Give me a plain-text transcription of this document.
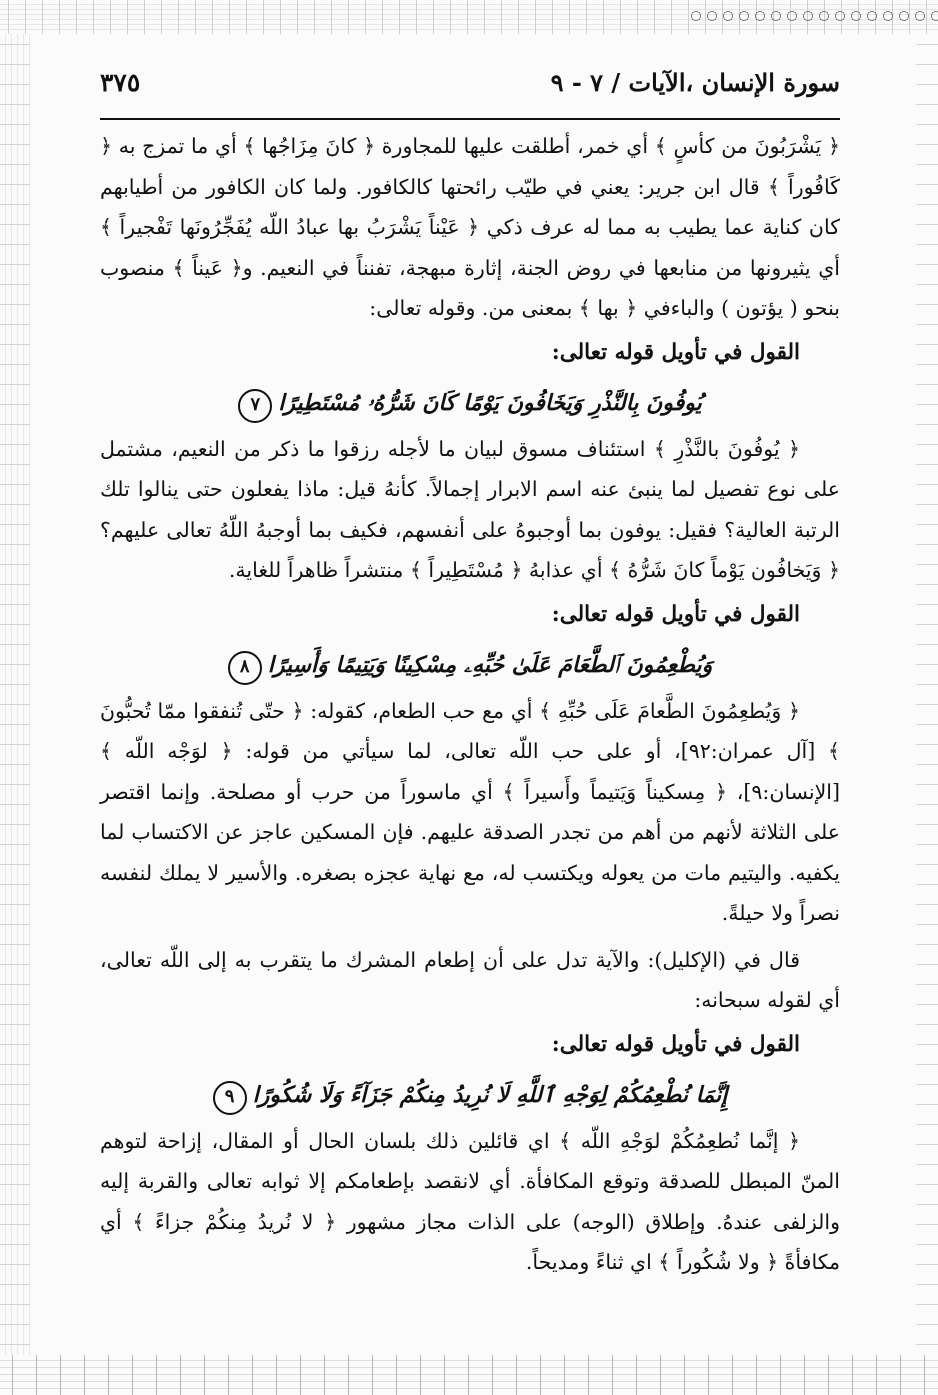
سورة الإنسان ،الآيات / ٧ - ٩
٣٧٥

﴿ يَشْرَبُونَ من كأسٍ ﴾ أي خمر، أطلقت عليها للمجاورة ﴿ كانَ مِزَاجُها ﴾ أي ما تمزج به ﴿ كَافُوراً ﴾ قال ابن جرير: يعني في طيّب رائحتها كالكافور. ولما كان الكافور من أطيابهم كان كناية عما يطيب به مما له عرف ذكي ﴿ عَيْناً يَشْرَبُ بها عبادُ اللّه يُفَجِّرُونَها تَفْجيراً ﴾ أي يثيرونها من منابعها في روض الجنة، إثارة مبهجة، تفنناً في النعيم. و﴿ عَيناً ﴾ منصوب بنحو ( يؤتون ) والباءفي ﴿ بها ﴾ بمعنى من. وقوله تعالى:

القول في تأويل قوله تعالى:

يُوفُونَ بِالنَّذْرِ وَيَخَافُونَ يَوْمًا كَانَ شَرُّهُۥ مُسْتَطِيرًا٧

﴿ يُوفُونَ بالنَّذْرِ ﴾ استئناف مسوق لبيان ما لأجله رزقوا ما ذكر من النعيم، مشتمل على نوع تفصيل لما ينبئ عنه اسم الابرار إجمالاً. كأنهُ قيل: ماذا يفعلون حتى ينالوا تلك الرتبة العالية؟ فقيل: يوفون بما أوجبوهُ على أنفسهم، فكيف بما أوجبهُ اللّهُ تعالى عليهم؟ ﴿ وَيَخافُون يَوْماً كانَ شَرُّهُ ﴾ أي عذابهُ ﴿ مُسْتَطِيراً ﴾ منتشراً ظاهراً للغاية.

القول في تأويل قوله تعالى:

وَيُطْعِمُونَ ٱلطَّعَامَ عَلَىٰ حُبِّهِۦ مِسْكِينًا وَيَتِيمًا وَأَسِيرًا٨

﴿ وَيُطعِمُونَ الطَّعامَ عَلَى حُبِّهِ ﴾ أي مع حب الطعام، كقوله: ﴿ حتّى تُنفقوا ممّا تُحبُّونَ ﴾ [آل عمران:٩٢]، أو على حب اللّه تعالى، لما سيأتي من قوله: ﴿ لوَجْه اللّه ﴾ [الإنسان:٩]، ﴿ مِسكيناً وَيَتيماً وأَسيراً ﴾ أي ماسوراً من حرب أو مصلحة. وإنما اقتصر على الثلاثة لأنهم من أهم من تجدر الصدقة عليهم. فإن المسكين عاجز عن الاكتساب لما يكفيه. واليتيم مات من يعوله ويكتسب له، مع نهاية عجزه بصغره. والأسير لا يملك لنفسه نصراً ولا حيلةً.

قال في (الإكليل): والآية تدل على أن إطعام المشرك ما يتقرب به إلى اللّه تعالى، أي لقوله سبحانه:

القول في تأويل قوله تعالى:

إِنَّمَا نُطْعِمُكُمْ لِوَجْهِ ٱللَّهِ لَا نُرِيدُ مِنكُمْ جَزَآءً وَلَا شُكُورًا٩

﴿ إنَّما نُطعِمُكُمْ لوَجْهِ اللّه ﴾ اي قائلين ذلك بلسان الحال أو المقال، إزاحة لتوهم المنّ المبطل للصدقة وتوقع المكافأة. أي لانقصد بإطعامكم إلا ثوابه تعالى والقربة إليه والزلفى عندهُ. وإطلاق (الوجه) على الذات مجاز مشهور ﴿ لا نُريدُ مِنكُمْ جزاءً ﴾ أي مكافأةً ﴿ ولا شُكُوراً ﴾ اي ثناءً ومديحاً.
